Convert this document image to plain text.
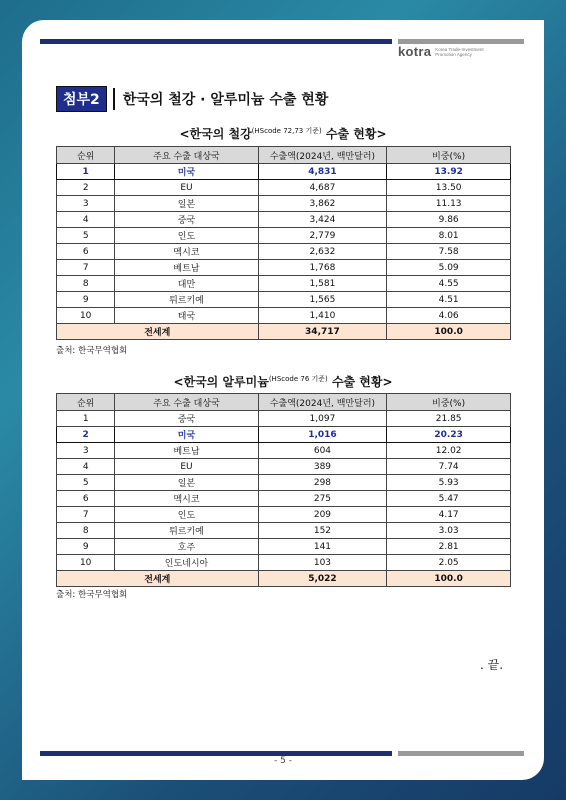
kotra Korea Trade-Investment Promotion Agency
첨부2	한국의 철강 · 알루미늄 수출 현황
<한국의 철강$^{(HScode 72,73 기준)}$ 수출 현황>
순위	주요 수출 대상국	수출액(2024년, 백만달러)	비중(%)
1	미국	4,831	13.92
2	EU	4,687	13.50
3	일본	3,862	11.13
4	중국	3,424	9.86
5	인도	2,779	8.01
6	멕시코	2,632	7.58
7	베트남	1,768	5.09
8	대만	1,581	4.55
9	튀르키예	1,565	4.51
10	태국	1,410	4.06
전세계		34,717	100.0
출처: 한국무역협회
<한국의 알루미늄$^{(HScode 76 기준)}$ 수출 현황>
순위	주요 수출 대상국	수출액(2024년, 백만달러)	비중(%)
1	중국	1,097	21.85
2	미국	1,016	20.23
3	베트남	604	12.02
4	EU	389	7.74
5	일본	298	5.93
6	멕시코	275	5.47
7	인도	209	4.17
8	튀르키예	152	3.03
9	호주	141	2.81
10	인도네시아	103	2.05
전세계		5,022	100.0
출처: 한국무역협회
. 끝.
- 5 -
